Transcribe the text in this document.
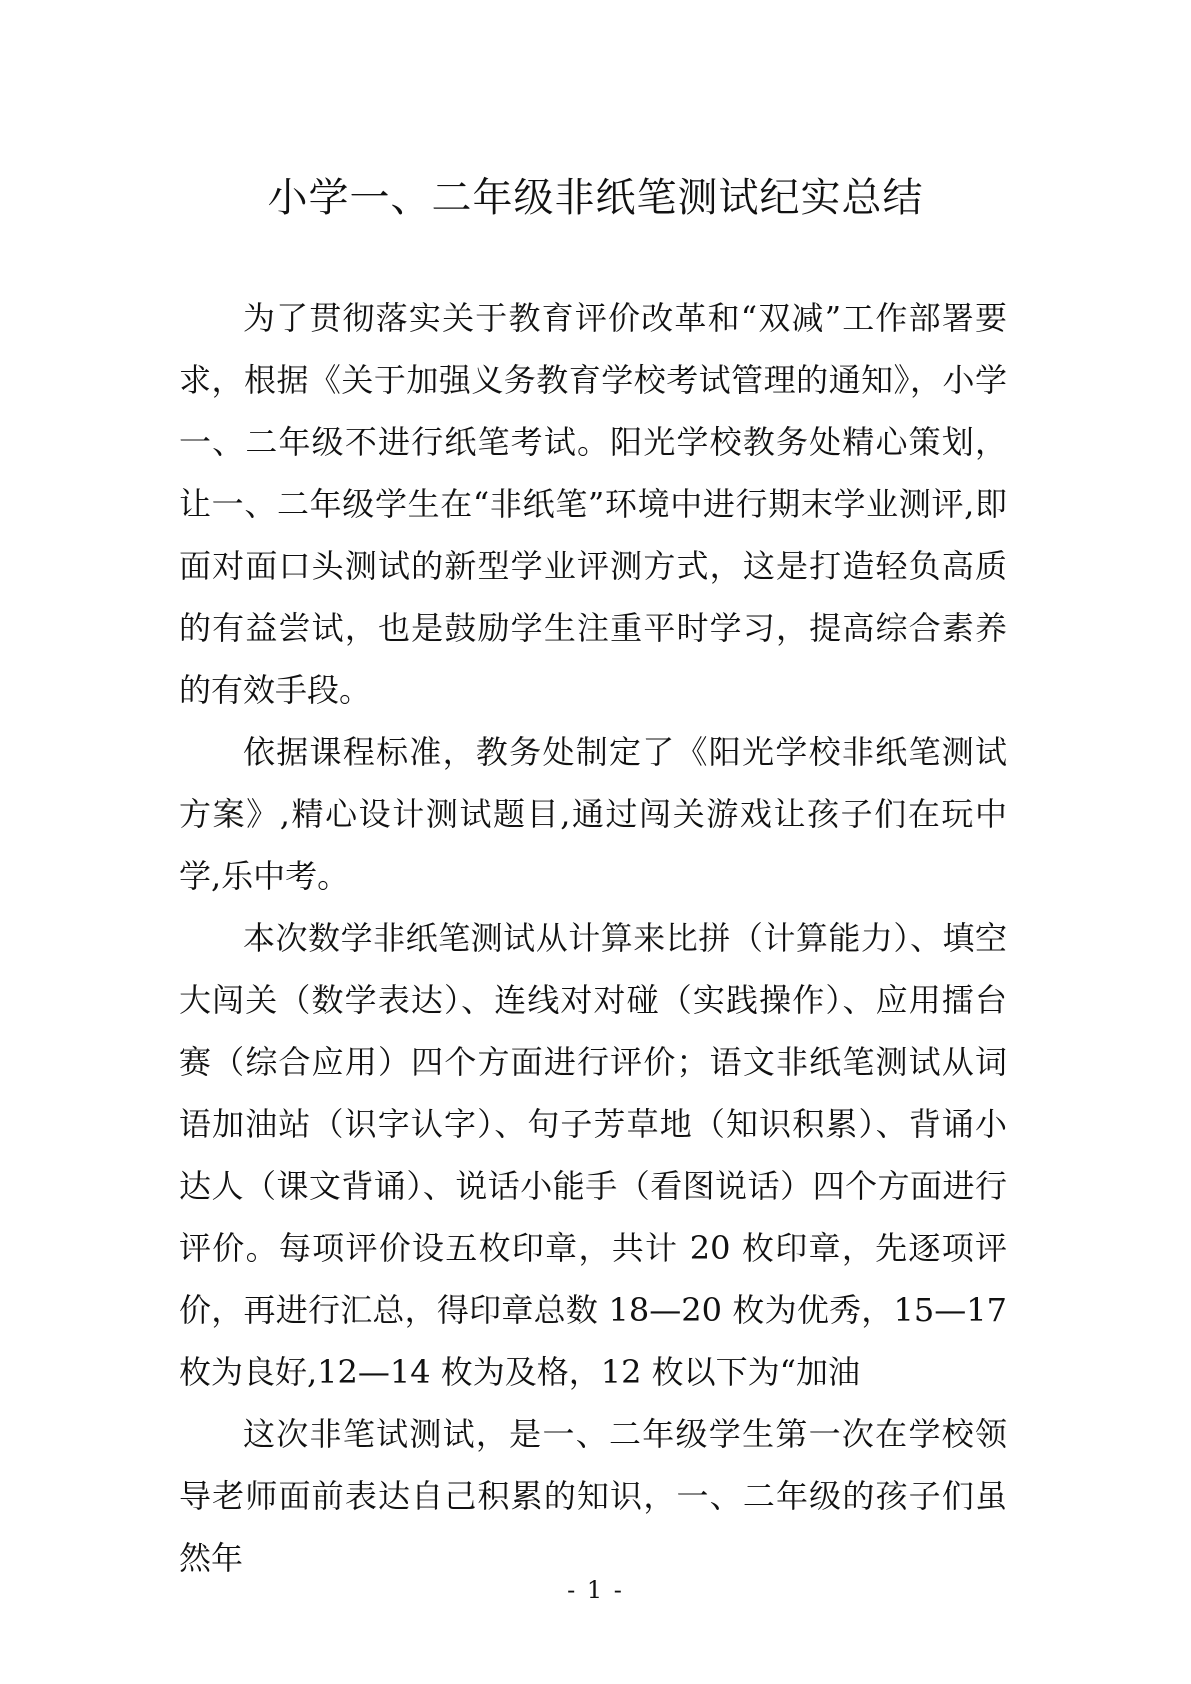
小学一、二年级非纸笔测试纪实总结

为了贯彻落实关于教育评价改革和“双减”工作部署要求，根据《关于加强义务教育学校考试管理的通知》，小学一、二年级不进行纸笔考试。阳光学校教务处精心策划，让一、二年级学生在“非纸笔”环境中进行期末学业测评,即面对面口头测试的新型学业评测方式，这是打造轻负高质的有益尝试，也是鼓励学生注重平时学习，提高综合素养的有效手段。

依据课程标准，教务处制定了《阳光学校非纸笔测试方案》,精心设计测试题目,通过闯关游戏让孩子们在玩中学,乐中考。

本次数学非纸笔测试从计算来比拼（计算能力）、填空大闯关（数学表达）、连线对对碰（实践操作）、应用擂台赛（综合应用）四个方面进行评价；语文非纸笔测试从词语加油站（识字认字）、句子芳草地（知识积累）、背诵小达人（课文背诵）、说话小能手（看图说话）四个方面进行评价。每项评价设五枚印章，共计 20 枚印章，先逐项评价，再进行汇总，得印章总数 18—20 枚为优秀，15—17 枚为良好,12—14 枚为及格，12 枚以下为“加油

这次非笔试测试，是一、二年级学生第一次在学校领导老师面前表达自己积累的知识，一、二年级的孩子们虽然年

- 1 -
